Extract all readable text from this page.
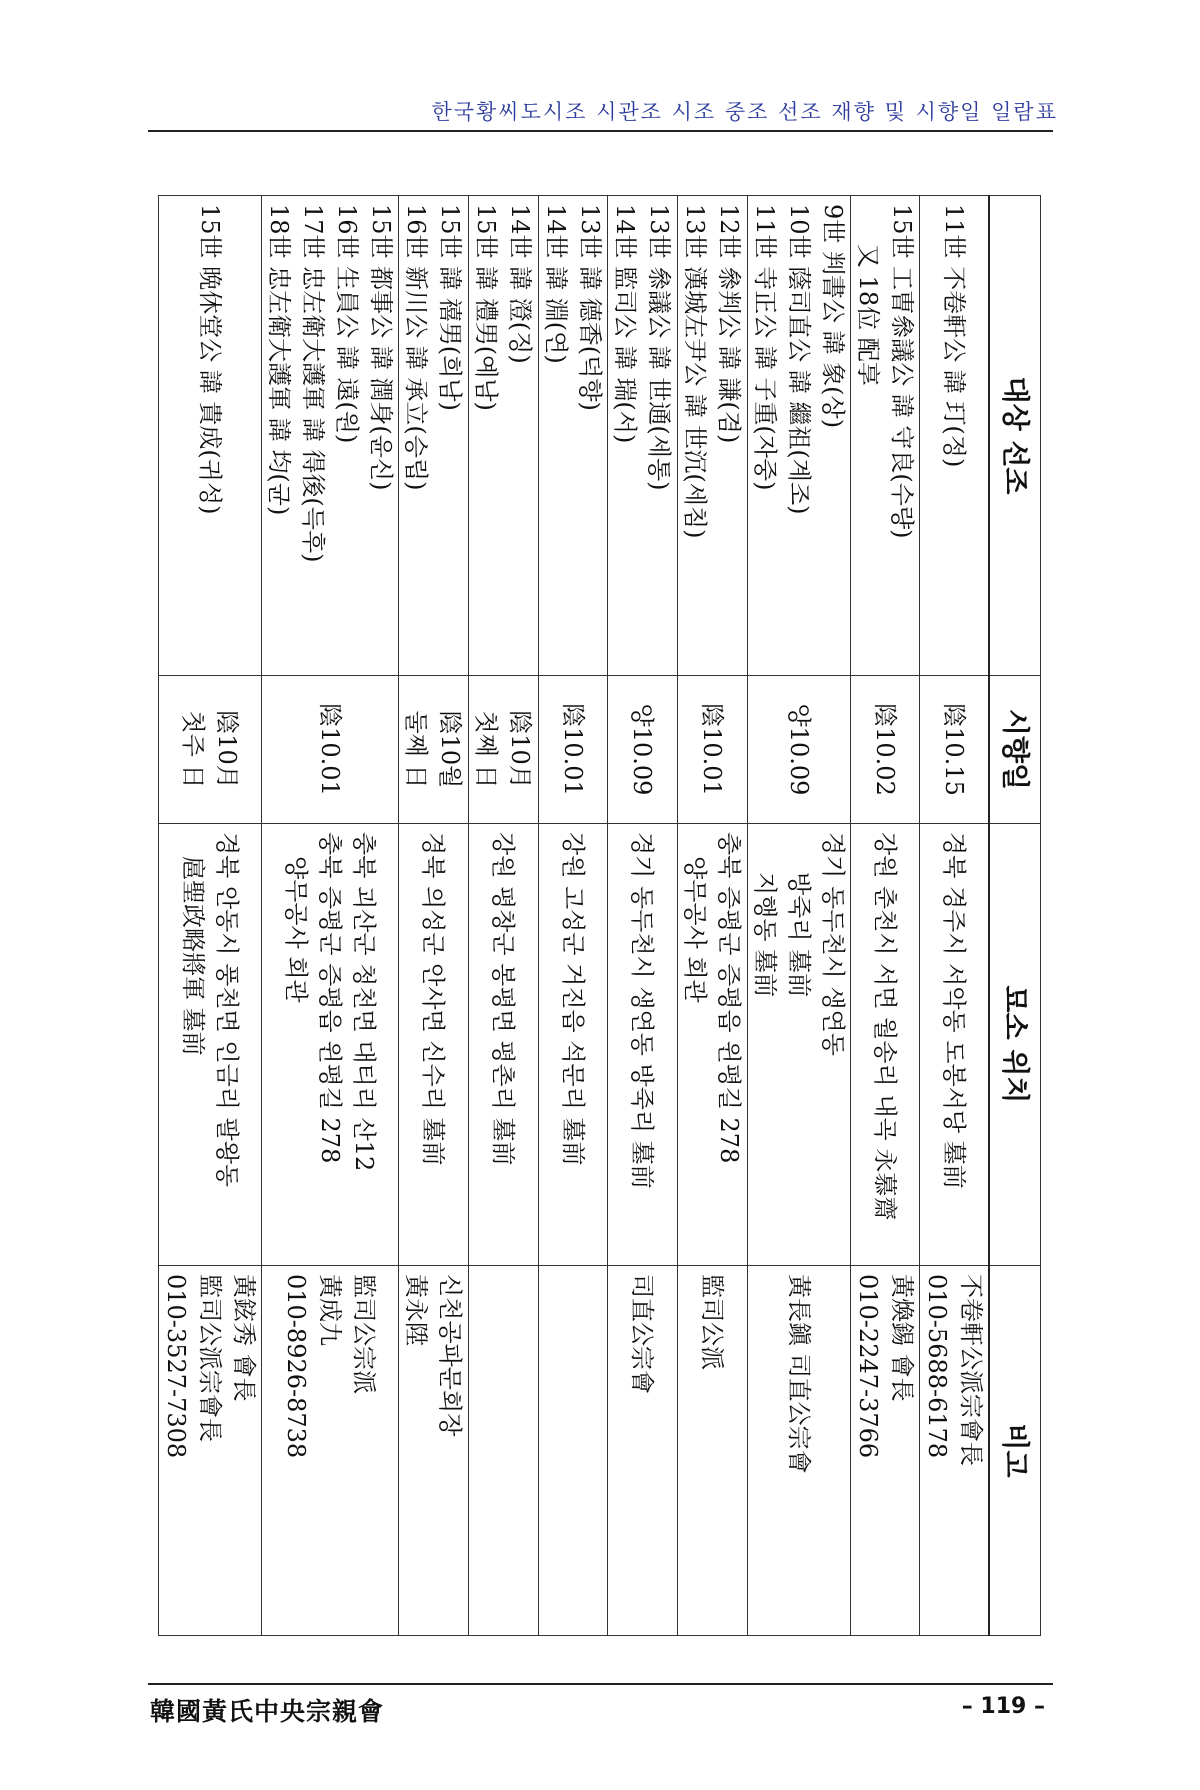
한국황씨도시조 시관조 시조 중조 선조 재향 및 시향일 일람표
대상 선조	시향일	묘소 위치	비고

11世 不卷軒公 諱 玎(정)	陰10.15	경북 경주시 서악동 도봉서당 墓前	不卷軒公派宗會長
010-5688-6178

15世 工曺叅議公 諱 守良(수량)
又 18位 配享	陰10.02	강원 춘천시 서면 월송리 내곡 永慕齋	黃煥錫 會長
010-2247-3766

9世 判書公 諱 象(상)
10世 蔭司直公 諱 繼祖(계조)
11世 寺正公 諱 子重(자중)	양10.09	경기 동두천시 생연동
방죽리 墓前
지행동 墓前	黃長鎭 司直公宗會

12世 叅判公 諱 謙(겸)
13世 漢城左尹公 諱 世沉(세침)	陰10.01	충북 증평군 증평읍 윈평길 278
양무공사 회관	監司公派

13世 叅議公 諱 世通(세통)
14世 監司公 諱 瑞(서)	양10.09	경기 동두천시 생연동 방죽리 墓前	司直公宗會

13世 諱 德香(덕향)
14世 諱 淵(연)	陰10.01	강원 고성군 거진읍 석문리 墓前	

14世 諱 澄(징)
15世 諱 禮男(예남)	陰10月
첫째 日	강원 평창군 봉평면 평촌리 墓前	

15世 諱 禧男(희남)
16世 新川公 諱 承立(승립)	陰10월
둘째 日	경북 의성군 안사면 신수리 墓前	신천공파문회장
黃永陞

15世 都事公 諱 潤身(윤신)
16世 生員公 諱 遠(원)
17世 忠左衛大護軍 諱 得後(득후)
18世 忠左衛大護軍 諱 均(균)	陰10.01	충북 괴산군 청천면 대티리 산12
충북 증평군 증평읍 윈평길 278
양무공사 회관	監司公宗派
黃成九
010-8926-8738

15世 晩休堂公 諱 貴成(귀성)	陰10月
첫주 日	경북 안동시 풍천면 인금리 팔왕동
扈聖政略將軍 墓前	黃鉉秀 會長
監司公派宗會長
010-3527-7308
韓國黃氏中央宗親會	– 119 –
